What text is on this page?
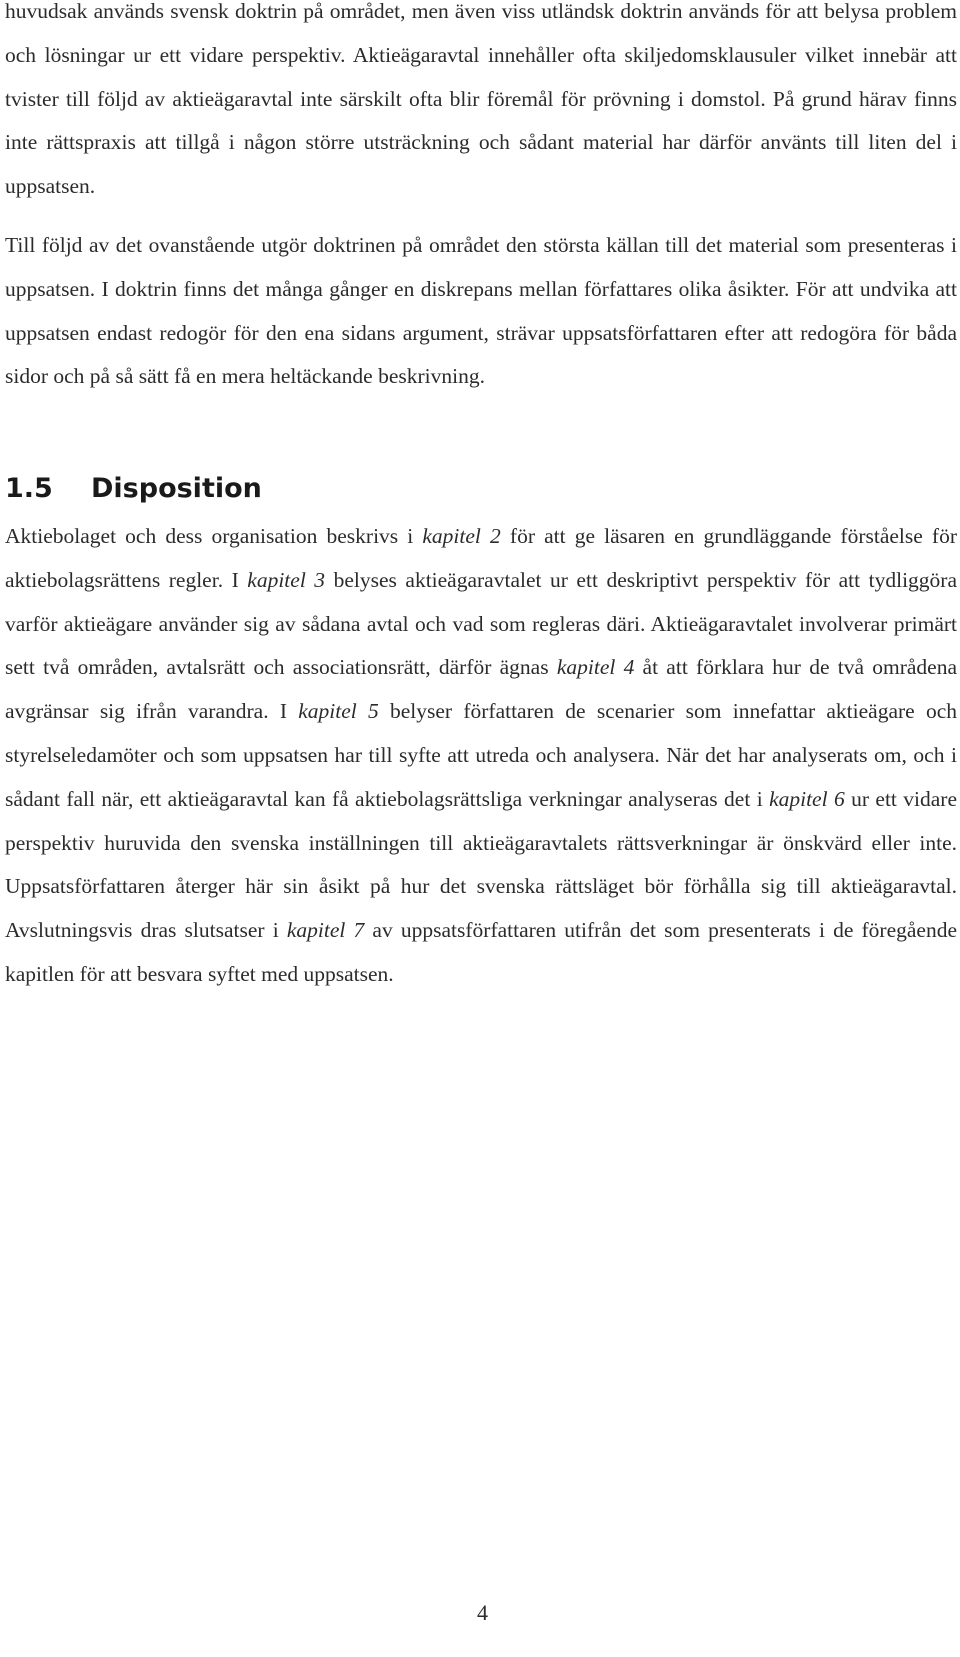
huvudsak används svensk doktrin på området, men även viss utländsk doktrin används för att belysa problem och lösningar ur ett vidare perspektiv. Aktieägaravtal innehåller ofta skiljedomsklausuler vilket innebär att tvister till följd av aktieägaravtal inte särskilt ofta blir föremål för prövning i domstol. På grund härav finns inte rättspraxis att tillgå i någon större utsträckning och sådant material har därför använts till liten del i uppsatsen.

Till följd av det ovanstående utgör doktrinen på området den största källan till det material som presenteras i uppsatsen. I doktrin finns det många gånger en diskrepans mellan författares olika åsikter. För att undvika att uppsatsen endast redogör för den ena sidans argument, strävar uppsatsförfattaren efter att redogöra för båda sidor och på så sätt få en mera heltäckande beskrivning.

1.5 Disposition

Aktiebolaget och dess organisation beskrivs i kapitel 2 för att ge läsaren en grundläggande förståelse för aktiebolagsrättens regler. I kapitel 3 belyses aktieägaravtalet ur ett deskriptivt perspektiv för att tydliggöra varför aktieägare använder sig av sådana avtal och vad som regleras däri. Aktieägaravtalet involverar primärt sett två områden, avtalsrätt och associationsrätt, därför ägnas kapitel 4 åt att förklara hur de två områdena avgränsar sig ifrån varandra. I kapitel 5 belyser författaren de scenarier som innefattar aktieägare och styrelseledamöter och som uppsatsen har till syfte att utreda och analysera. När det har analyserats om, och i sådant fall när, ett aktieägaravtal kan få aktiebolagsrättsliga verkningar analyseras det i kapitel 6 ur ett vidare perspektiv huruvida den svenska inställningen till aktieägaravtalets rättsverkningar är önskvärd eller inte. Uppsatsförfattaren återger här sin åsikt på hur det svenska rättsläget bör förhålla sig till aktieägaravtal. Avslutningsvis dras slutsatser i kapitel 7 av uppsatsförfattaren utifrån det som presenterats i de föregående kapitlen för att besvara syftet med uppsatsen.

4
